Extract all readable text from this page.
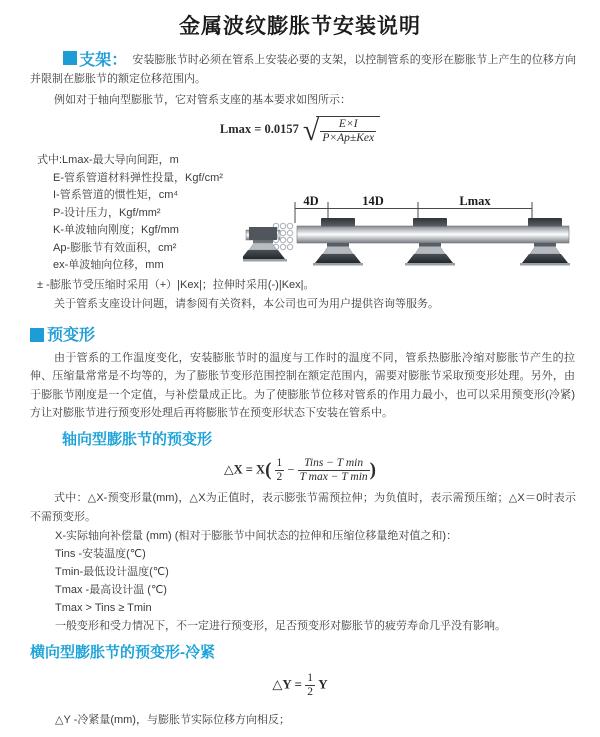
金属波纹膨胀节安装说明

支架： 安装膨胀节时必须在管系上安装必要的支架，以控制管系的变形在膨胀节上产生的位移方向并限制在膨胀节的额定位移范围内。

例如对于轴向型膨胀节，它对管系支座的基本要求如图所示：

Lmax = 0.0157 √ $\frac{E\times I}{\text{P×Ap±Kex}}$
式中:Lmax-最大导向间距，m
E-管系管道材料弹性投量，Kgf/cm²
I-管系管道的惯性矩，cm⁴
P-设计压力，Kgf/mm²
K-单波轴向刚度；Kgf/mm
Ap-膨胀节有效面积，cm²
ex-单波轴向位移，mm
± -膨胀节受压缩时采用（+）|Kex|；拉伸时采用(-)|Kex|。

关于管系支座设计问题，请参阅有关资料，本公司也可为用户提供咨询等服务。

预变形

由于管系的工作温度变化，安装膨胀节时的温度与工作时的温度不同，管系热膨胀冷缩对膨胀节产生的拉伸、压缩量常常是不均等的，为了膨胀节变形范围控制在额定范围内，需要对膨胀节采取预变形处理。另外，由于膨胀节刚度是一个定值，与补偿量成正比。为了使膨胀节位移对管系的作用力最小，也可以采用预变形(冷紧)方让对膨胀节进行预变形处理后再将膨胀节在预变形状态下安装在管系中。

轴向型膨胀节的预变形
△X = $X( \frac{1}{2} - \frac{\text{Tins − T min}}{\text{T max − T min}}$ )

式中：△X-预变形量(mm)，△X为正值时，表示膨张节需预拉伸；为负值时，表示需预压缩；△X＝0时表示不需预变形。

X-实际轴向补偿量 (mm) (相对于膨胀节中间状态的拉伸和压缩位移量绝对值之和)：
Tins -安装温度(℃)
Tmin-最低设计温度(℃)
Tmax -最高设计温 (℃)
Tmax > Tins ≥ Tmin
一般变形和受力情况下，不一定进行预变形，足否预变形对膨胀节的疲劳寿命几乎没有影响。
横向型膨胀节的预变形-冷紧
△Y = $\frac{1}{2}$ Y
△Y -冷紧量(mm)，与膨胀节实际位移方向相反；
4D	14D	Lmax
